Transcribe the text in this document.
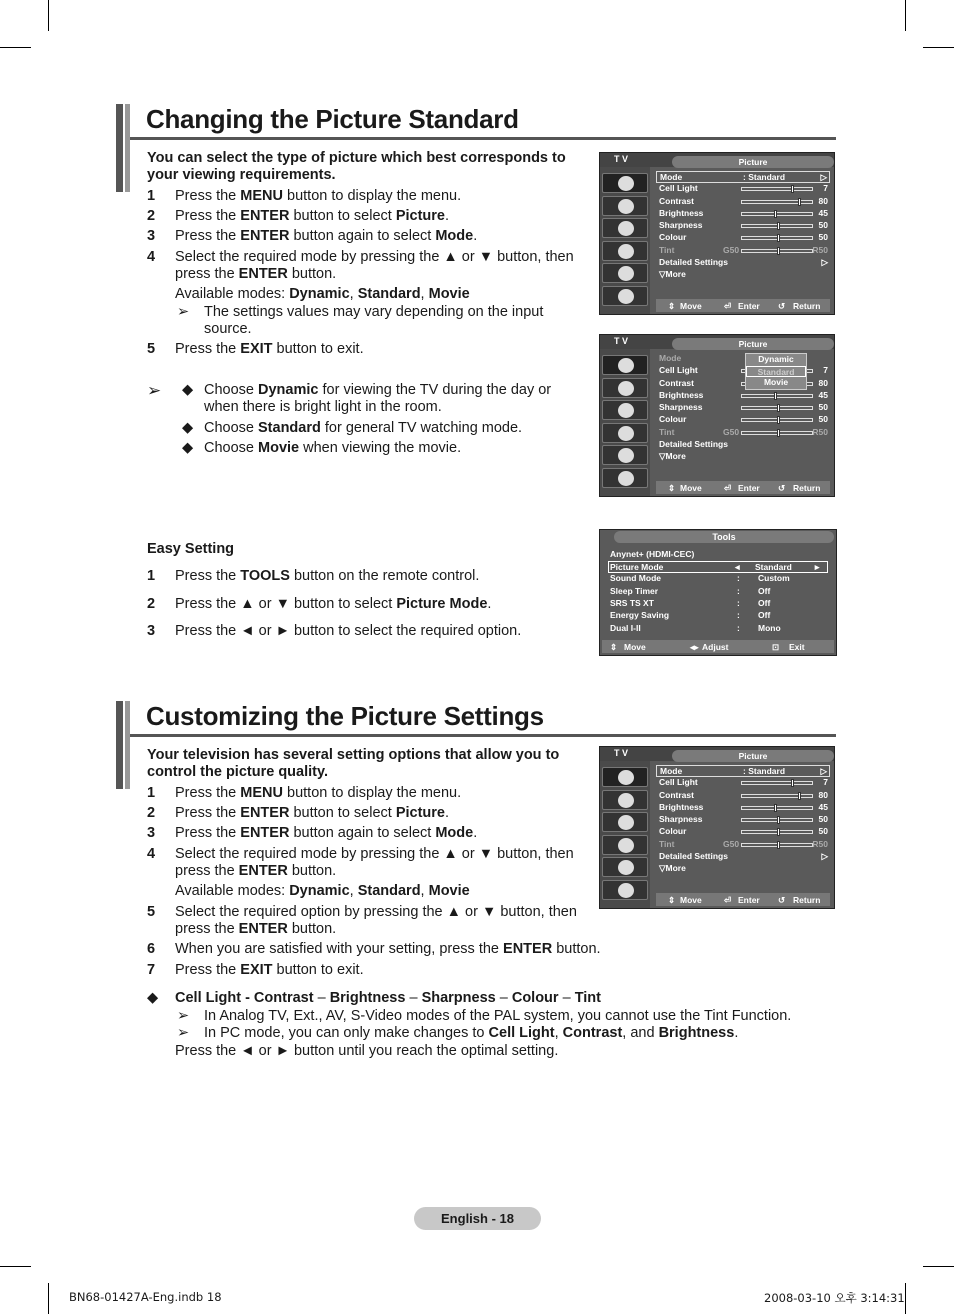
Changing the Picture Standard
You can select the type of picture which best corresponds to
your viewing requirements.
1 Press the MENU button to display the menu.
2 Press the ENTER button to select Picture.
3 Press the ENTER button again to select Mode.
4 Select the required mode by pressing the ▲ or ▼ button, then
press the ENTER button.
Available modes: Dynamic, Standard, Movie
➢ The settings values may vary depending on the input
source.
5 Press the EXIT button to exit.
➢ ◆ Choose Dynamic for viewing the TV during the day or
when there is bright light in the room.
◆ Choose Standard for general TV watching mode.
◆ Choose Movie when viewing the movie.
Easy Setting
1 Press the TOOLS button on the remote control.
2 Press the ▲ or ▼ button to select Picture Mode.
3 Press the ◄ or ► button to select the required option.
T V	Picture
Mode	: Standard	▷
Cell Light	7
Contrast	80
Brightness	45
Sharpness	50
Colour	50
Tint	G50	R50
Detailed Settings	▷
▽More
⇕ Move	⏎ Enter ↺ Return
T V	Picture
Mode
Cell Light	7
Contrast	80
Brightness	45
Sharpness	50
Colour	50
Tint	G50	R50
Detailed Settings
▽More
Dynamic
Standard
Movie
⇕ Move	⏎ Enter ↺ Return
T V	Picture
Mode	: Standard	▷
Cell Light	7
Contrast	80
Brightness	45
Sharpness	50
Colour	50
Tint	G50	R50
Detailed Settings	▷
▽More
⇕ Move	⏎ Enter ↺ Return
Tools
Anynet+ (HDMI-CEC)
Picture Mode	◄ Standard ►
Sound Mode	: Custom
Sleep Timer	: Off
SRS TS XT	: Off
Energy Saving	: Off
Dual I-II	: Mono
⇕ Move	◂▸ Adjust	⊡ Exit
Customizing the Picture Settings
Your television has several setting options that allow you to
control the picture quality.
1 Press the MENU button to display the menu.
2 Press the ENTER button to select Picture.
3 Press the ENTER button again to select Mode.
4 Select the required mode by pressing the ▲ or ▼ button, then
press the ENTER button.
Available modes: Dynamic, Standard, Movie
5 Select the required option by pressing the ▲ or ▼ button, then
press the ENTER button.
6 When you are satisfied with your setting, press the ENTER button.
7 Press the EXIT button to exit.
◆ Cell Light - Contrast – Brightness – Sharpness – Colour – Tint
➢ In Analog TV, Ext., AV, S-Video modes of the PAL system, you cannot use the Tint Function.
➢ In PC mode, you can only make changes to Cell Light, Contrast, and Brightness.
Press the ◄ or ► button until you reach the optimal setting.
English - 18
BN68-01427A-Eng.indb 18	2008-03-10 오후 3:14:31
